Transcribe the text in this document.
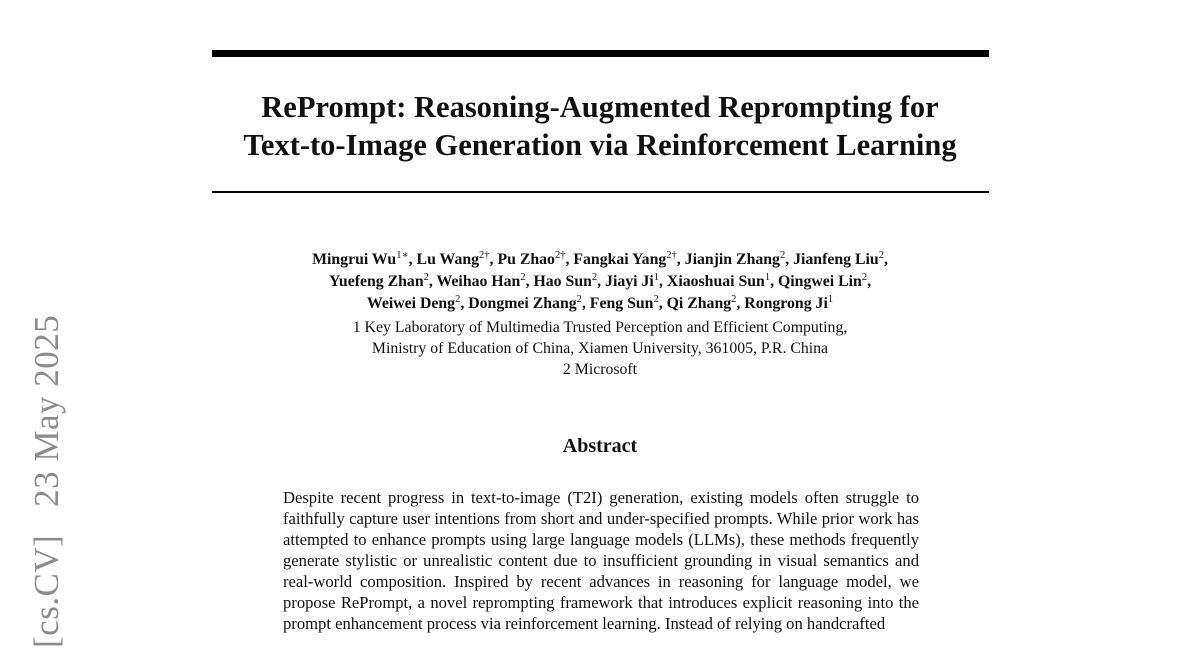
RePrompt: Reasoning-Augmented Reprompting for
Text-to-Image Generation via Reinforcement Learning
Mingrui $Wu^{1∗}$, Lu Wang$^{2\dagger}$, Pu Zhao$^{2\dagger}$, Fangkai Yang$^{2\dagger}$, Jianjin Zhang$^2$, Jianfeng Liu$^2$,
Yuefeng Zhan$^2$, Weihao Han$^2$, Hao Sun$^2$, Jiayi Ji$^1$, Xiaoshuai Sun$^1$, Qingwei Lin$^2$,
Weiwei Deng$^2$, Dongmei Zhang$^2$, Feng Sun$^2$, Qi Zhang$^2$, Rongrong Ji$^1$
1 Key Laboratory of Multimedia Trusted Perception and Efficient Computing,
Ministry of Education of China, Xiamen University, 361005, P.R. China
2 Microsoft
Abstract
Despite recent progress in text-to-image (T2I) generation, existing models often struggle to faithfully capture user intentions from short and under-specified prompts. While prior work has attempted to enhance prompts using large language models (LLMs), these methods frequently generate stylistic or unrealistic content due to insufficient grounding in visual semantics and real-world composition. Inspired by recent advances in reasoning for language model, we propose RePrompt, a novel reprompting framework that introduces explicit reasoning into the prompt enhancement process via reinforcement learning. Instead of relying on handcrafted
[cs.CV]   23 May 2025
